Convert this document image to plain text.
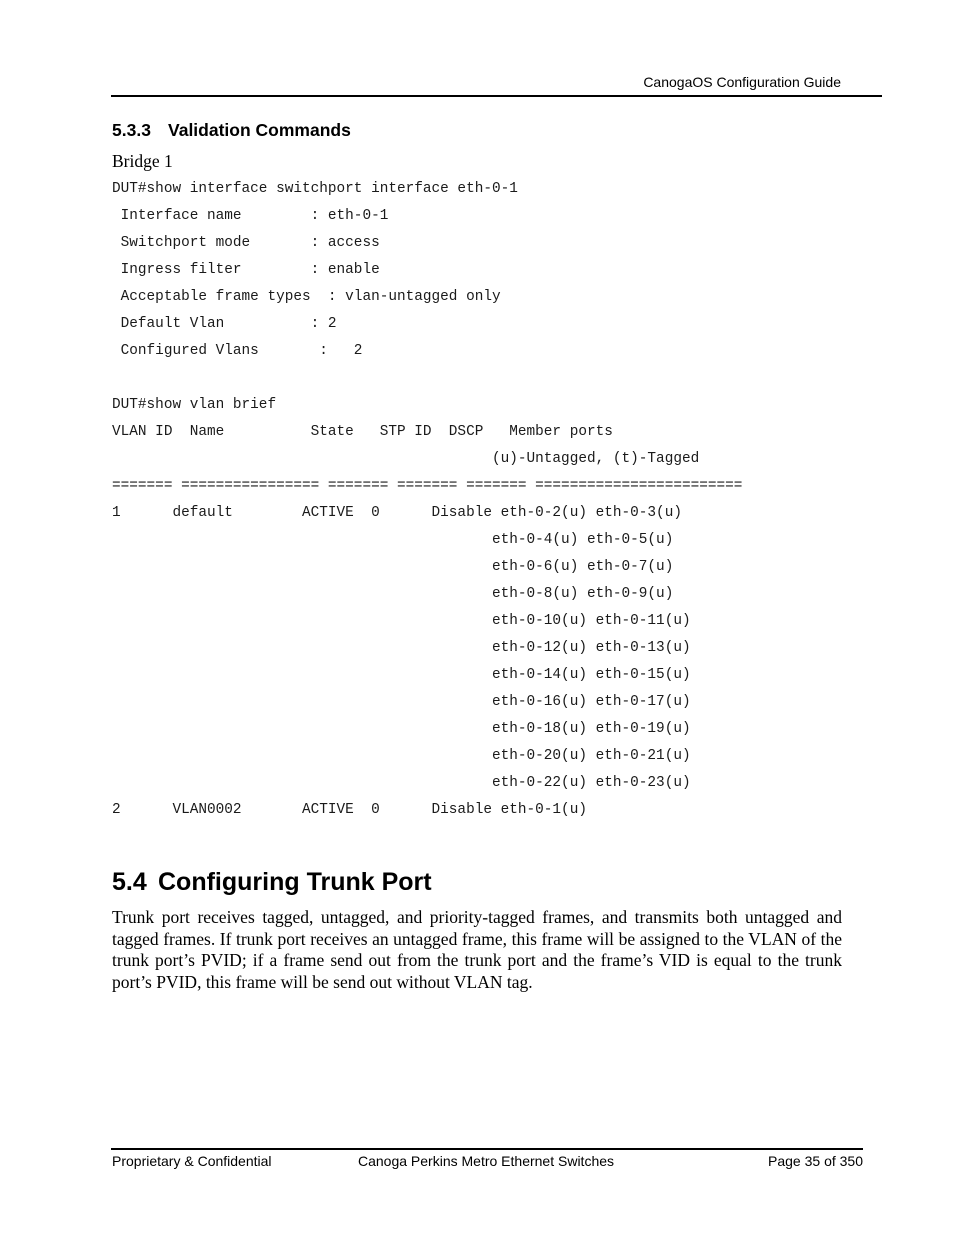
CanogaOS Configuration Guide
5.3.3 Validation Commands
Bridge 1
DUT#show interface switchport interface eth-0-1
Interface name        : eth-0-1
Switchport mode       : access
Ingress filter        : enable
Acceptable frame types  : vlan-untagged only
Default Vlan          : 2
Configured Vlans       :   2

DUT#show vlan brief
VLAN ID  Name          State   STP ID  DSCP   Member ports
(u)-Untagged, (t)-Tagged
======= ================ ======= ======= ======= ========================
1      default        ACTIVE  0      Disable eth-0-2(u) eth-0-3(u)
eth-0-4(u) eth-0-5(u)
eth-0-6(u) eth-0-7(u)
eth-0-8(u) eth-0-9(u)
eth-0-10(u) eth-0-11(u)
eth-0-12(u) eth-0-13(u)
eth-0-14(u) eth-0-15(u)
eth-0-16(u) eth-0-17(u)
eth-0-18(u) eth-0-19(u)
eth-0-20(u) eth-0-21(u)
eth-0-22(u) eth-0-23(u)
2      VLAN0002       ACTIVE  0      Disable eth-0-1(u)
5.4 Configuring Trunk Port
Trunk port receives tagged, untagged, and priority-tagged frames, and transmits both untagged and tagged frames. If trunk port receives an untagged frame, this frame will be assigned to the VLAN of the trunk port’s PVID; if a frame send out from the trunk port and the frame’s VID is equal to the trunk port’s PVID, this frame will be send out without VLAN tag.
Proprietary & Confidential	Canoga Perkins Metro Ethernet Switches	Page 35 of 350
